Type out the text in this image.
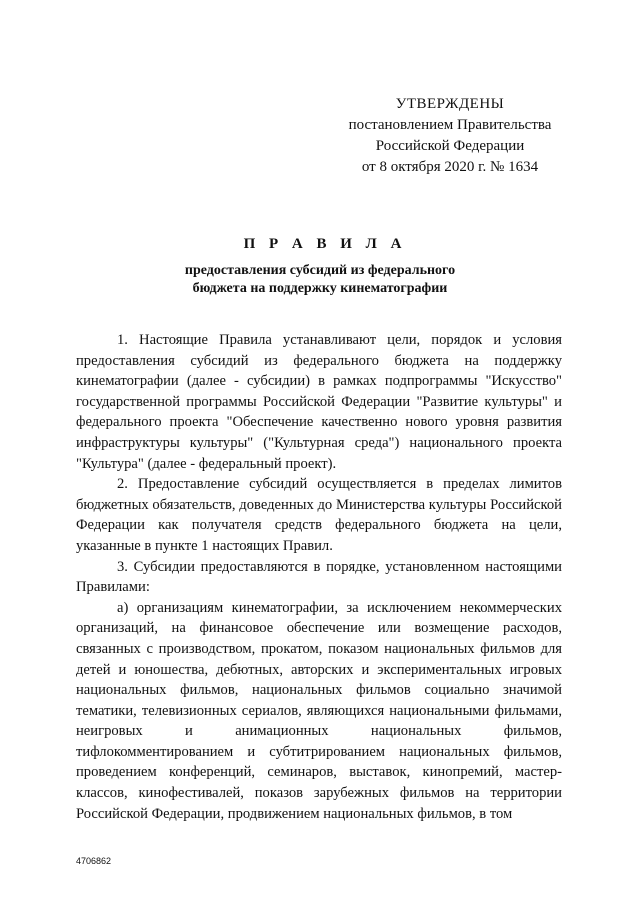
УТВЕРЖДЕНЫ
постановлением Правительства
Российской Федерации
от 8 октября 2020 г. № 1634
П Р А В И Л А
предоставления субсидий из федерального
бюджета на поддержку кинематографии

1. Настоящие Правила устанавливают цели, порядок и условия предоставления субсидий из федерального бюджета на поддержку кинематографии (далее - субсидии) в рамках подпрограммы "Искусство" государственной программы Российской Федерации "Развитие культуры" и федерального проекта "Обеспечение качественно нового уровня развития инфраструктуры культуры" ("Культурная среда") национального проекта "Культура" (далее - федеральный проект).

2. Предоставление субсидий осуществляется в пределах лимитов бюджетных обязательств, доведенных до Министерства культуры Российской Федерации как получателя средств федерального бюджета на цели, указанные в пункте 1 настоящих Правил.

3. Субсидии предоставляются в порядке, установленном настоящими Правилами:

а) организациям кинематографии, за исключением некоммерческих организаций, на финансовое обеспечение или возмещение расходов, связанных с производством, прокатом, показом национальных фильмов для детей и юношества, дебютных, авторских и экспериментальных игровых национальных фильмов, национальных фильмов социально значимой тематики, телевизионных сериалов, являющихся национальными фильмами, неигровых и анимационных национальных фильмов, тифлокомментированием и субтитрированием национальных фильмов, проведением конференций, семинаров, выставок, кинопремий, мастер-классов, кинофестивалей, показов зарубежных фильмов на территории Российской Федерации, продвижением национальных фильмов, в том

4706862
